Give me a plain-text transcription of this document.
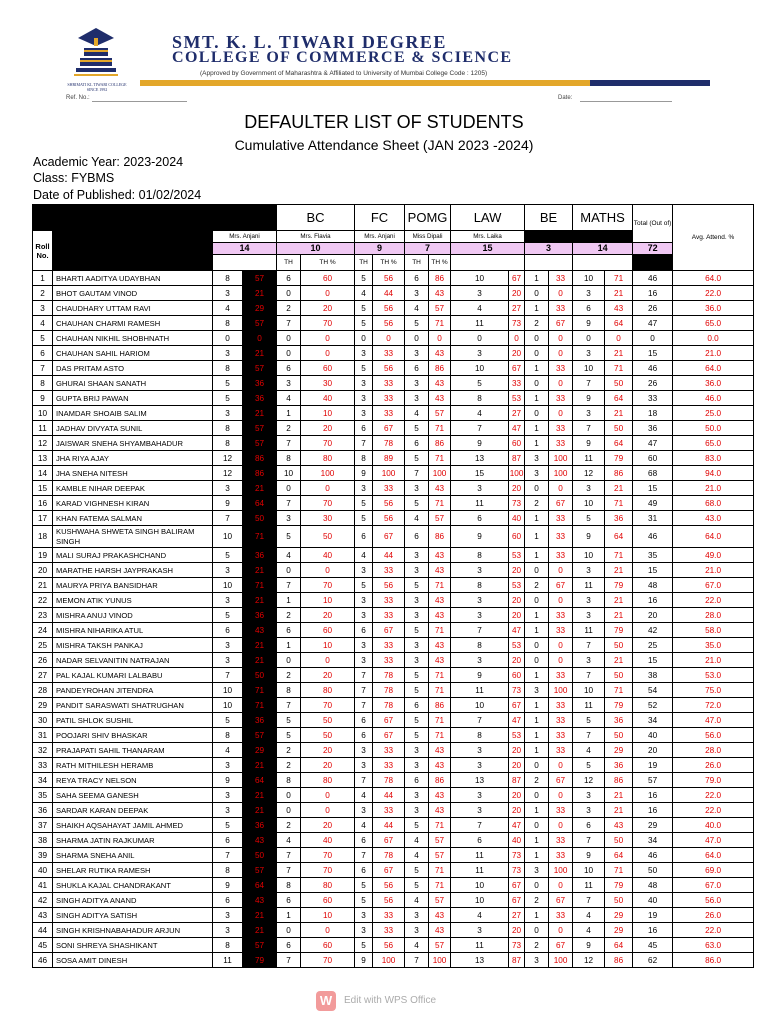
SHRIMATI KL TIWARI COLLEGE
SINCE 1992
SMT. K. L. TIWARI DEGREE
COLLEGE OF COMMERCE & SCIENCE
(Approved by Government of Maharashtra & Affiliated to University of Mumbai College Code : 1205)
Ref. No.:	Date:
DEFAULTER LIST OF STUDENTS
Cumulative Attendance Sheet (JAN 2023 -2024)
Academic Year: 2023-2024
Class: FYBMS
Date of Published: 01/02/2024
				BC		FC		POMG		LAW		BE		MATHS		Total (Out of)	Avg. Attend. %
Roll No.		Mrs. Anjani		Mrs. Flavia		Mrs. Anjani		Miss Dipali		Mrs. Laika							
		14		10		9		7		15		3		14		72	
				TH	TH %	TH	TH %	TH	TH %								
1	BHARTI AADITYA UDAYBHAN	8	57	6	60	5	56	6	86	10	67	1	33	10	71	46	64.0
2	BHOT GAUTAM VINOD	3	21	0	0	4	44	3	43	3	20	0	0	3	21	16	22.0
3	CHAUDHARY UTTAM RAVI	4	29	2	20	5	56	4	57	4	27	1	33	6	43	26	36.0
4	CHAUHAN CHARMI RAMESH	8	57	7	70	5	56	5	71	11	73	2	67	9	64	47	65.0
5	CHAUHAN NIKHIL SHOBHNATH	0	0	0	0	0	0	0	0	0	0	0	0	0	0	0	0.0
6	CHAUHAN SAHIL HARIOM	3	21	0	0	3	33	3	43	3	20	0	0	3	21	15	21.0
7	DAS PRITAM ASTO	8	57	6	60	5	56	6	86	10	67	1	33	10	71	46	64.0
8	GHURAI SHAAN SANATH	5	36	3	30	3	33	3	43	5	33	0	0	7	50	26	36.0
9	GUPTA BRIJ PAWAN	5	36	4	40	3	33	3	43	8	53	1	33	9	64	33	46.0
10	INAMDAR SHOAIB SALIM	3	21	1	10	3	33	4	57	4	27	0	0	3	21	18	25.0
11	JADHAV DIVYATA SUNIL	8	57	2	20	6	67	5	71	7	47	1	33	7	50	36	50.0
12	JAISWAR SNEHA SHYAMBAHADUR	8	57	7	70	7	78	6	86	9	60	1	33	9	64	47	65.0
13	JHA RIYA AJAY	12	86	8	80	8	89	5	71	13	87	3	100	11	79	60	83.0
14	JHA SNEHA NITESH	12	86	10	100	9	100	7	100	15	100	3	100	12	86	68	94.0
15	KAMBLE NIHAR DEEPAK	3	21	0	0	3	33	3	43	3	20	0	0	3	21	15	21.0
16	KARAD VIGHNESH KIRAN	9	64	7	70	5	56	5	71	11	73	2	67	10	71	49	68.0
17	KHAN FATEMA SALMAN	7	50	3	30	5	56	4	57	6	40	1	33	5	36	31	43.0
18	KUSHWAHA SHWETA SINGH BALIRAM SINGH	10	71	5	50	6	67	6	86	9	60	1	33	9	64	46	64.0
19	MALI SURAJ PRAKASHCHAND	5	36	4	40	4	44	3	43	8	53	1	33	10	71	35	49.0
20	MARATHE HARSH JAYPRAKASH	3	21	0	0	3	33	3	43	3	20	0	0	3	21	15	21.0
21	MAURYA PRIYA BANSIDHAR	10	71	7	70	5	56	5	71	8	53	2	67	11	79	48	67.0
22	MEMON ATIK YUNUS	3	21	1	10	3	33	3	43	3	20	0	0	3	21	16	22.0
23	MISHRA ANUJ VINOD	5	36	2	20	3	33	3	43	3	20	1	33	3	21	20	28.0
24	MISHRA NIHARIKA ATUL	6	43	6	60	6	67	5	71	7	47	1	33	11	79	42	58.0
25	MISHRA TAKSH PANKAJ	3	21	1	10	3	33	3	43	8	53	0	0	7	50	25	35.0
26	NADAR SELVANITIN NATRAJAN	3	21	0	0	3	33	3	43	3	20	0	0	3	21	15	21.0
27	PAL KAJAL KUMARI LALBABU	7	50	2	20	7	78	5	71	9	60	1	33	7	50	38	53.0
28	PANDEYROHAN JITENDRA	10	71	8	80	7	78	5	71	11	73	3	100	10	71	54	75.0
29	PANDIT SARASWATI SHATRUGHAN	10	71	7	70	7	78	6	86	10	67	1	33	11	79	52	72.0
30	PATIL SHLOK SUSHIL	5	36	5	50	6	67	5	71	7	47	1	33	5	36	34	47.0
31	POOJARI SHIV BHASKAR	8	57	5	50	6	67	5	71	8	53	1	33	7	50	40	56.0
32	PRAJAPATI SAHIL THANARAM	4	29	2	20	3	33	3	43	3	20	1	33	4	29	20	28.0
33	RATH MITHILESH HERAMB	3	21	2	20	3	33	3	43	3	20	0	0	5	36	19	26.0
34	REYA TRACY NELSON	9	64	8	80	7	78	6	86	13	87	2	67	12	86	57	79.0
35	SAHA SEEMA GANESH	3	21	0	0	4	44	3	43	3	20	0	0	3	21	16	22.0
36	SARDAR KARAN DEEPAK	3	21	0	0	3	33	3	43	3	20	1	33	3	21	16	22.0
37	SHAIKH AQSAHAYAT JAMIL AHMED	5	36	2	20	4	44	5	71	7	47	0	0	6	43	29	40.0
38	SHARMA JATIN RAJKUMAR	6	43	4	40	6	67	4	57	6	40	1	33	7	50	34	47.0
39	SHARMA SNEHA ANIL	7	50	7	70	7	78	4	57	11	73	1	33	9	64	46	64.0
40	SHELAR RUTIKA RAMESH	8	57	7	70	6	67	5	71	11	73	3	100	10	71	50	69.0
41	SHUKLA KAJAL CHANDRAKANT	9	64	8	80	5	56	5	71	10	67	0	0	11	79	48	67.0
42	SINGH ADITYA ANAND	6	43	6	60	5	56	4	57	10	67	2	67	7	50	40	56.0
43	SINGH ADITYA SATISH	3	21	1	10	3	33	3	43	4	27	1	33	4	29	19	26.0
44	SINGH KRISHNABAHADUR ARJUN	3	21	0	0	3	33	3	43	3	20	0	0	4	29	16	22.0
45	SONI SHREYA SHASHIKANT	8	57	6	60	5	56	4	57	11	73	2	67	9	64	45	63.0
46	SOSA AMIT DINESH	11	79	7	70	9	100	7	100	13	87	3	100	12	86	62	86.0
W	Edit with WPS Office
